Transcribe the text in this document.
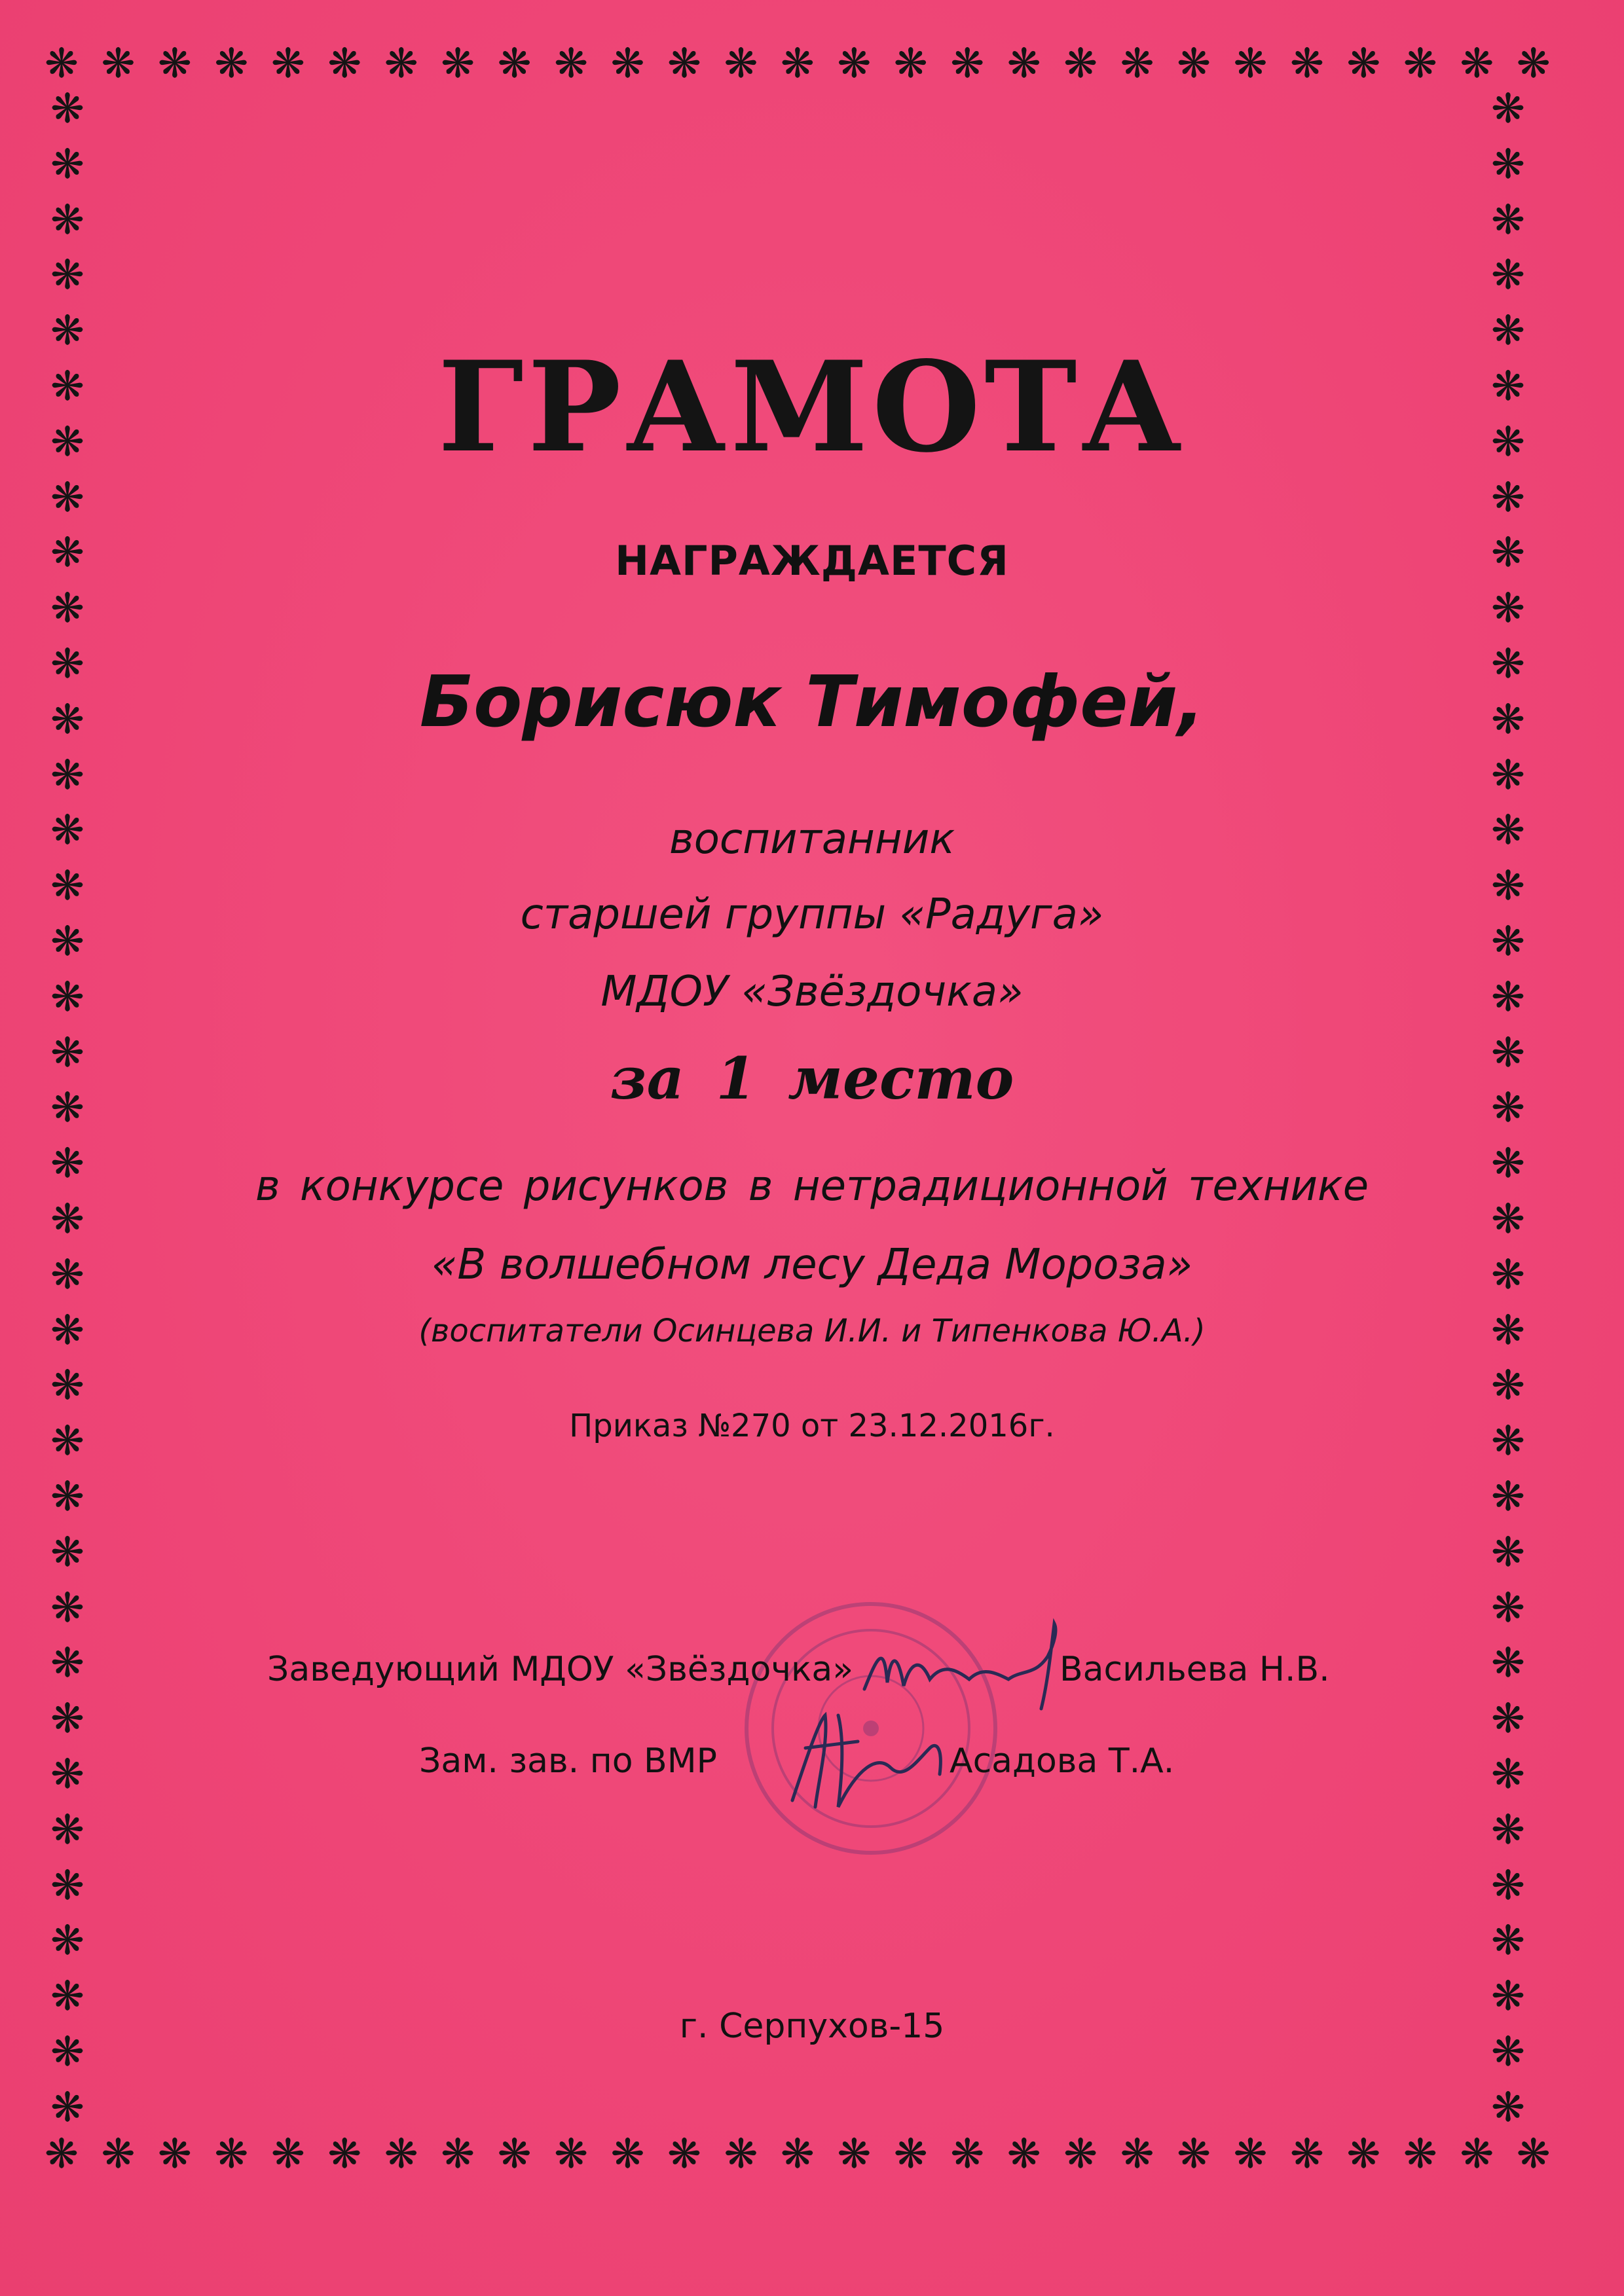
❋ ❋ ❋ ❋ ❋ ❋ ❋ ❋ ❋ ❋ ❋ ❋ ❋ ❋ ❋ ❋ ❋ ❋ ❋ ❋ ❋ ❋ ❋ ❋ ❋ ❋ ❋
❋ ❋ ❋ ❋ ❋ ❋ ❋ ❋ ❋ ❋ ❋ ❋ ❋ ❋ ❋ ❋ ❋ ❋ ❋ ❋ ❋ ❋ ❋ ❋ ❋ ❋ ❋
❋
❋
❋
❋
❋
❋
❋
❋
❋
❋
❋
❋
❋
❋
❋
❋
❋
❋
❋
❋
❋
❋
❋
❋
❋
❋
❋
❋
❋
❋
❋
❋
❋
❋
❋
❋
❋
❋
❋
❋
❋
❋
❋
❋
❋
❋
❋
❋
❋
❋
❋
❋
❋
❋
❋
❋
❋
❋
❋
❋
❋
❋
❋
❋
❋
❋
❋
❋
❋
❋
❋
❋
❋
❋
ГРАМОТА
НАГРАЖДАЕТСЯ
Борисюк Тимофей,
воспитанник
старшей группы «Радуга»
МДОУ «Звёздочка»
за 1 место
в конкурсе рисунков в нетрадиционной технике
«В волшебном лесу Деда Мороза»
(воспитатели Осинцева И.И. и Типенкова Ю.А.)
Приказ №270 от 23.12.2016г.
Заведующий МДОУ «Звёздочка»	Васильева Н.В.
Зам. зав. по ВМР	Асадова Т.А.
г. Серпухов-15
